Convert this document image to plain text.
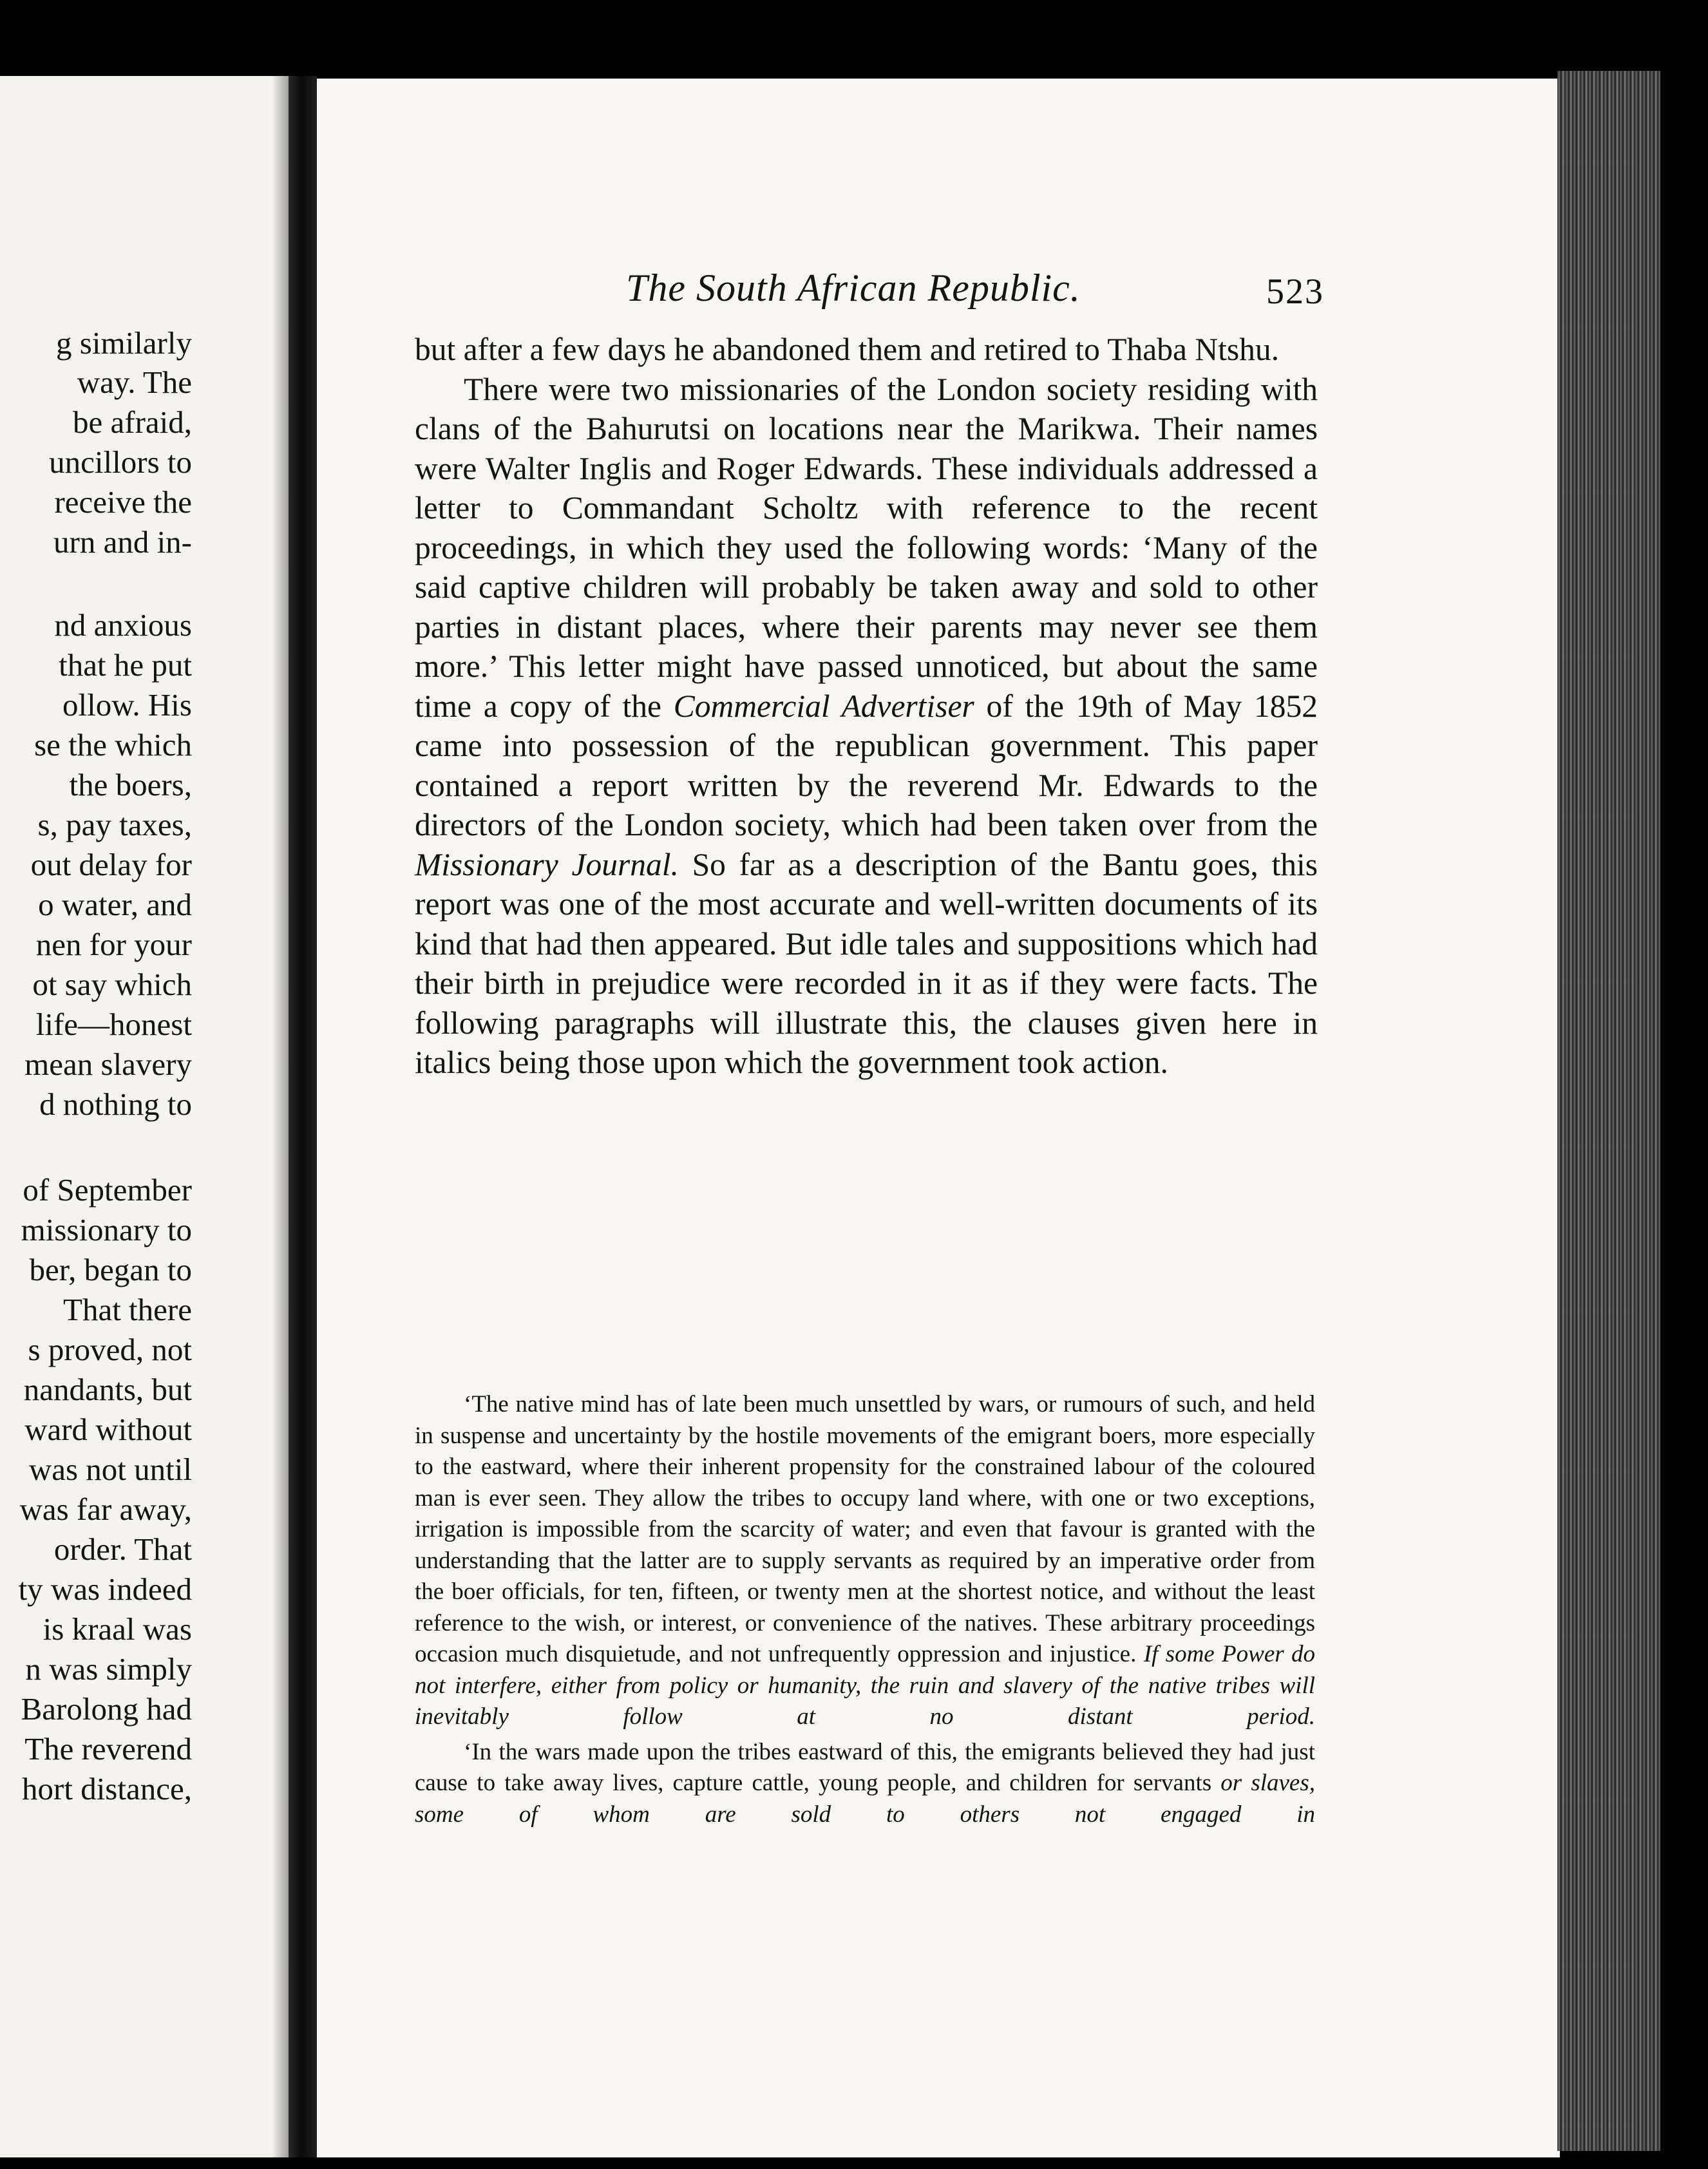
g similarly
way. The
be afraid,
uncillors to
receive the
urn and in-
nd anxious
that he put
ollow. His
se the which
the boers,
s, pay taxes,
out delay for
o water, and
nen for your
ot say which
life—honest
mean slavery
d nothing to
of September
missionary to
ber, began to
That there
s proved, not
nandants, but
ward without
was not until
was far away,
order. That
ty was indeed
is kraal was
n was simply
Barolong had
The reverend
hort distance,
The South African Republic.	523

but after a few days he abandoned them and retired to Thaba Ntshu.

There were two missionaries of the London society residing with clans of the Bahurutsi on locations near the Marikwa. Their names were Walter Inglis and Roger Edwards. These individuals addressed a letter to Commandant Scholtz with reference to the recent proceedings, in which they used the following words: ‘Many of the said captive children will probably be taken away and sold to other parties in distant places, where their parents may never see them more.’ This letter might have passed unnoticed, but about the same time a copy of the Commercial Advertiser of the 19th of May 1852 came into possession of the republican government. This paper contained a report written by the reverend Mr. Edwards to the directors of the London society, which had been taken over from the Missionary Journal. So far as a description of the Bantu goes, this report was one of the most accurate and well-written documents of its kind that had then appeared. But idle tales and suppositions which had their birth in prejudice were recorded in it as if they were facts. The following paragraphs will illustrate this, the clauses given here in italics being those upon which the government took action.

‘The native mind has of late been much unsettled by wars, or rumours of such, and held in suspense and uncertainty by the hostile movements of the emigrant boers, more especially to the eastward, where their inherent propensity for the constrained labour of the coloured man is ever seen. They allow the tribes to occupy land where, with one or two exceptions, irrigation is impossible from the scarcity of water; and even that favour is granted with the understanding that the latter are to supply servants as required by an imperative order from the boer officials, for ten, fifteen, or twenty men at the shortest notice, and without the least reference to the wish, or interest, or convenience of the natives. These arbitrary proceedings occasion much disquietude, and not unfrequently oppression and injustice. If some Power do not interfere, either from policy or humanity, the ruin and slavery of the native tribes will inevitably follow at no distant period.

‘In the wars made upon the tribes eastward of this, the emigrants believed they had just cause to take away lives, capture cattle, young people, and children for servants or slaves, some of whom are sold to others not engaged in
